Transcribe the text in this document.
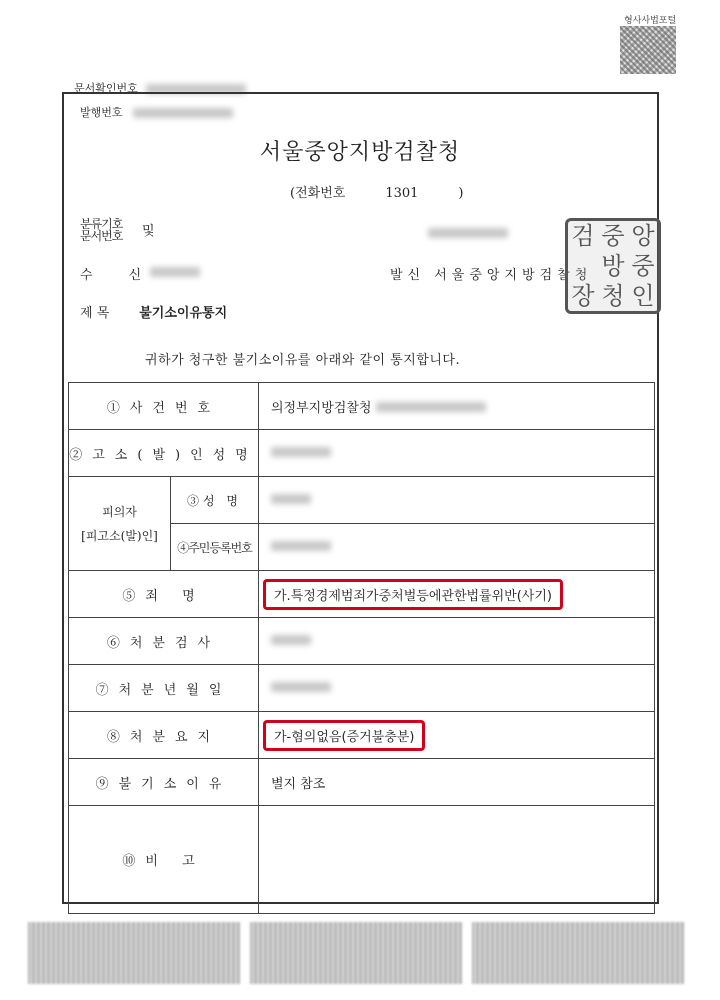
형사사법포털
문서확인번호
발행번호
서울중앙지방검찰청
(전화번호	1301	)
분류기호
문서번호 및
수	신	발신 서울중앙지방검찰청
제 목 불기소이유통지
검 중 앙
방 중
장 청 인
귀하가 청구한 불기소이유를 아래와 같이 통지합니다.
①사건번호		의정부지방검찰청
②고소(발)인성명		
피의자
[피고소(발)인]	③성 명	
	④주민등록번호	
⑤죄 명		가.특정경제범죄가중처벌등에관한법률위반(사기)
⑥처분검사		
⑦처분년월일		
⑧처분요지		가-혐의없음(증거불충분)
⑨불기소이유		별지 참조
⑩비 고		
